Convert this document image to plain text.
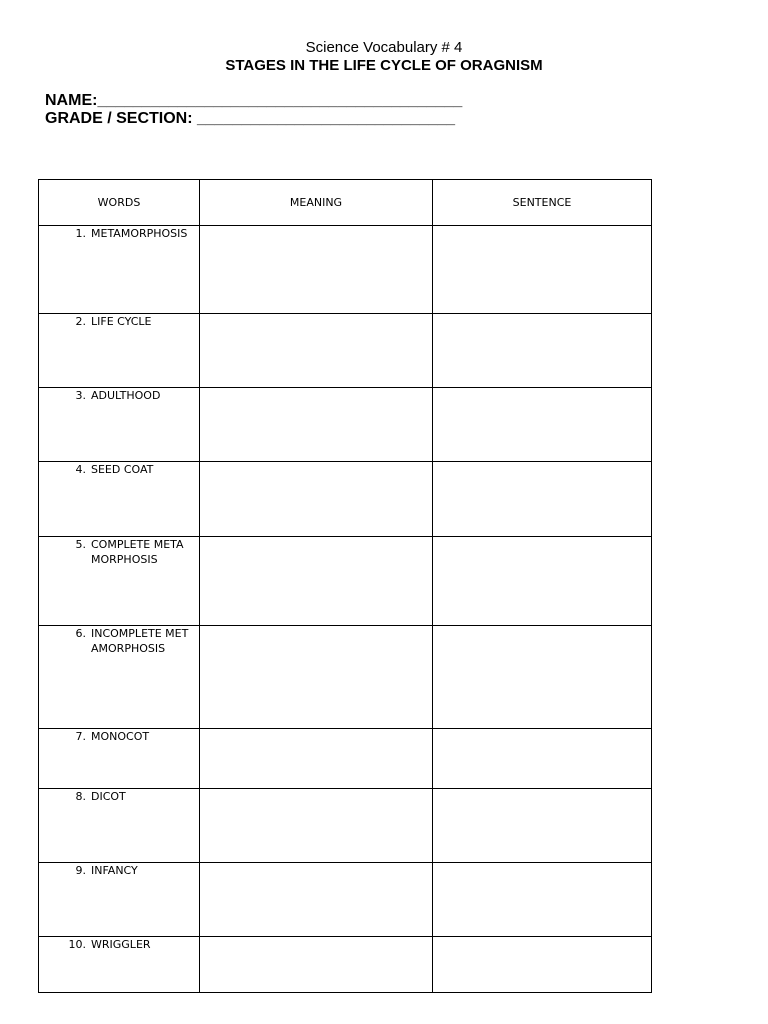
Science Vocabulary # 4
STAGES IN THE LIFE CYCLE OF ORAGNISM
NAME:_________________________________________
GRADE / SECTION: _____________________________
WORDS	MEANING	SENTENCE

1. METAMORPHOSIS		

2. LIFE CYCLE		

3. ADULTHOOD		

4. SEED COAT		

5. COMPLETE METAMORPHOSIS		

6. INCOMPLETE METAMORPHOSIS		

7. MONOCOT		

8. DICOT		

9. INFANCY		

10. WRIGGLER		
